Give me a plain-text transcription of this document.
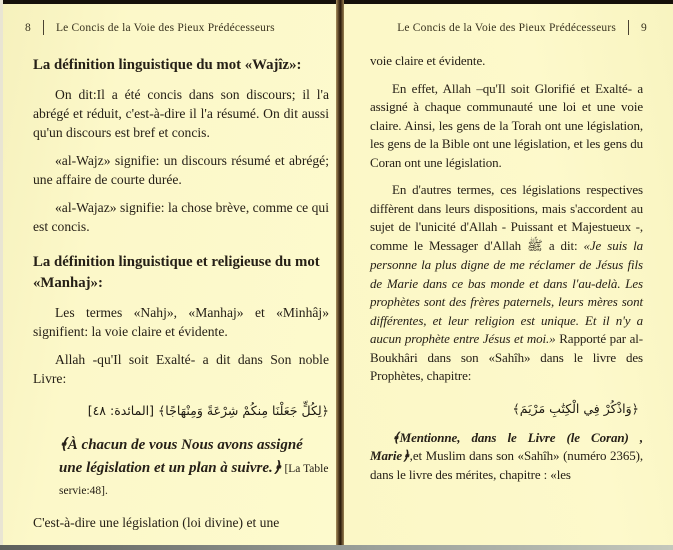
8 Le Concis de la Voie des Pieux Prédécesseurs
La définition linguistique du mot «Wajîz»:

On dit:Il a été concis dans son discours; il l'a abrégé et réduit, c'est-à-dire il l'a résumé. On dit aussi qu'un discours est bref et concis.

«al-Wajz» signifie: un discours résumé et abrégé; une affaire de courte durée.

«al-Wajaz» signifie: la chose brève, comme ce qui est concis.

La définition linguistique et religieuse du mot «Manhaj»:

Les termes «Nahj», «Manhaj» et «Minhâj» signifient: la voie claire et évidente.

Allah -qu'Il soit Exalté- a dit dans Son noble Livre:

﴿لِكُلٍّ جَعَلْنَا مِنكُمْ شِرْعَةً وَمِنْهَاجًا﴾ [المائدة: ٤٨]
﴾À chacun de vous Nous avons assigné une législation et un plan à suivre.﴿ [La Table servie:48].

C'est-à-dire une législation (loi divine) et une

Le Concis de la Voie des Pieux Prédécesseurs 9

voie claire et évidente.

En effet, Allah –qu'Il soit Glorifié et Exalté- a assigné à chaque communauté une loi et une voie claire. Ainsi, les gens de la Torah ont une législation, les gens de la Bible ont une législation, et les gens du Coran ont une législation.

En d'autres termes, ces législations respectives diffèrent dans leurs dispositions, mais s'accordent au sujet de l'unicité d'Allah - Puissant et Majestueux -, comme le Messager d'Allah ﷺ a dit: «Je suis la personne la plus digne de me réclamer de Jésus fils de Marie dans ce bas monde et dans l'au-delà. Les prophètes sont des frères paternels, leurs mères sont différentes, et leur religion est unique. Et il n'y a aucun prophète entre Jésus et moi.» Rapporté par al-Boukhâri dans son «Sahîh» dans le livre des Prophètes, chapitre:

﴿وَاذْكُرْ فِي الْكِتَٰبِ مَرْيَمَ﴾

﴾Mentionne, dans le Livre (le Coran) , Marie﴿,et Muslim dans son «Sahîh» (numéro 2365), dans le livre des mérites, chapitre : «les
